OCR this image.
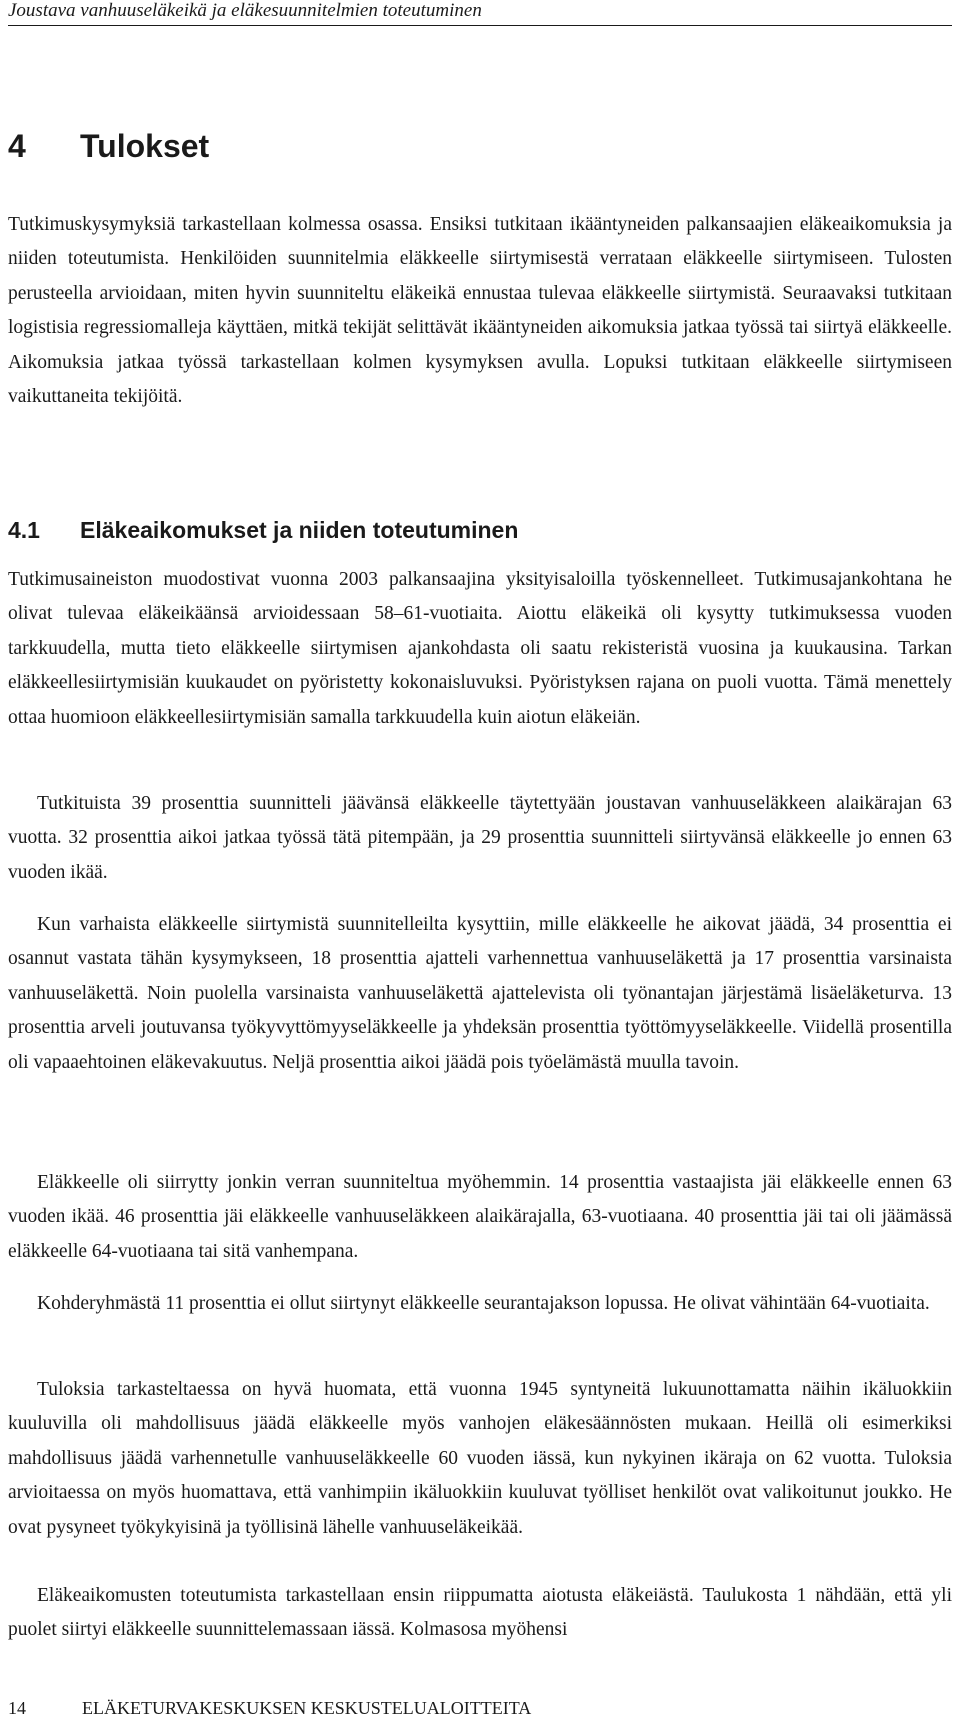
Joustava vanhuuseläkeikä ja eläkesuunnitelmien toteutuminen
4 Tulokset

Tutkimuskysymyksiä tarkastellaan kolmessa osassa. Ensiksi tutkitaan ikääntyneiden palkansaajien eläkeaikomuksia ja niiden toteutumista. Henkilöiden suunnitelmia eläkkeelle siirtymisestä verrataan eläkkeelle siirtymiseen. Tulosten perusteella arvioidaan, miten hyvin suunniteltu eläkeikä ennustaa tulevaa eläkkeelle siirtymistä. Seuraavaksi tutkitaan logistisia regressiomalleja käyttäen, mitkä tekijät selittävät ikääntyneiden aikomuksia jatkaa työssä tai siirtyä eläkkeelle. Aikomuksia jatkaa työssä tarkastellaan kolmen kysymyksen avulla. Lopuksi tutkitaan eläkkeelle siirtymiseen vaikuttaneita tekijöitä.

4.1 Eläkeaikomukset ja niiden toteutuminen

Tutkimusaineiston muodostivat vuonna 2003 palkansaajina yksityisaloilla työskennelleet. Tutkimusajankohtana he olivat tulevaa eläkeikäänsä arvioidessaan 58–61-vuotiaita. Aiottu eläkeikä oli kysytty tutkimuksessa vuoden tarkkuudella, mutta tieto eläkkeelle siirtymisen ajankohdasta oli saatu rekisteristä vuosina ja kuukausina. Tarkan eläkkeellesiirtymisiän kuukaudet on pyöristetty kokonaisluvuksi. Pyöristyksen rajana on puoli vuotta. Tämä menettely ottaa huomioon eläkkeellesiirtymisiän samalla tarkkuudella kuin aiotun eläkeiän.

Tutkituista 39 prosenttia suunnitteli jäävänsä eläkkeelle täytettyään joustavan vanhuuseläkkeen alaikärajan 63 vuotta. 32 prosenttia aikoi jatkaa työssä tätä pitempään, ja 29 prosenttia suunnitteli siirtyvänsä eläkkeelle jo ennen 63 vuoden ikää.

Kun varhaista eläkkeelle siirtymistä suunnitelleilta kysyttiin, mille eläkkeelle he aikovat jäädä, 34 prosenttia ei osannut vastata tähän kysymykseen, 18 prosenttia ajatteli varhennettua vanhuuseläkettä ja 17 prosenttia varsinaista vanhuuseläkettä. Noin puolella varsinaista vanhuuseläkettä ajattelevista oli työnantajan järjestämä lisäeläketurva. 13 prosenttia arveli joutuvansa työkyvyttömyyseläkkeelle ja yhdeksän prosenttia työttömyyseläkkeelle. Viidellä prosentilla oli vapaaehtoinen eläkevakuutus. Neljä prosenttia aikoi jäädä pois työelämästä muulla tavoin.

Eläkkeelle oli siirrytty jonkin verran suunniteltua myöhemmin. 14 prosenttia vastaajista jäi eläkkeelle ennen 63 vuoden ikää. 46 prosenttia jäi eläkkeelle vanhuuseläkkeen alaikärajalla, 63-vuotiaana. 40 prosenttia jäi tai oli jäämässä eläkkeelle 64-vuotiaana tai sitä vanhempana.

Kohderyhmästä 11 prosenttia ei ollut siirtynyt eläkkeelle seurantajakson lopussa. He olivat vähintään 64-vuotiaita.

Tuloksia tarkasteltaessa on hyvä huomata, että vuonna 1945 syntyneitä lukuunottamatta näihin ikäluokkiin kuuluvilla oli mahdollisuus jäädä eläkkeelle myös vanhojen eläkesäännösten mukaan. Heillä oli esimerkiksi mahdollisuus jäädä varhennetulle vanhuuseläkkeelle 60 vuoden iässä, kun nykyinen ikäraja on 62 vuotta. Tuloksia arvioitaessa on myös huomattava, että vanhimpiin ikäluokkiin kuuluvat työlliset henkilöt ovat valikoitunut joukko. He ovat pysyneet työkykyisinä ja työllisinä lähelle vanhuuseläkeikää.

Eläkeaikomusten toteutumista tarkastellaan ensin riippumatta aiotusta eläkeiästä. Taulukosta 1 nähdään, että yli puolet siirtyi eläkkeelle suunnittelemassaan iässä. Kolmasosa myöhensi

14	ELÄKETURVAKESKUKSEN KESKUSTELUALOITTEITA
